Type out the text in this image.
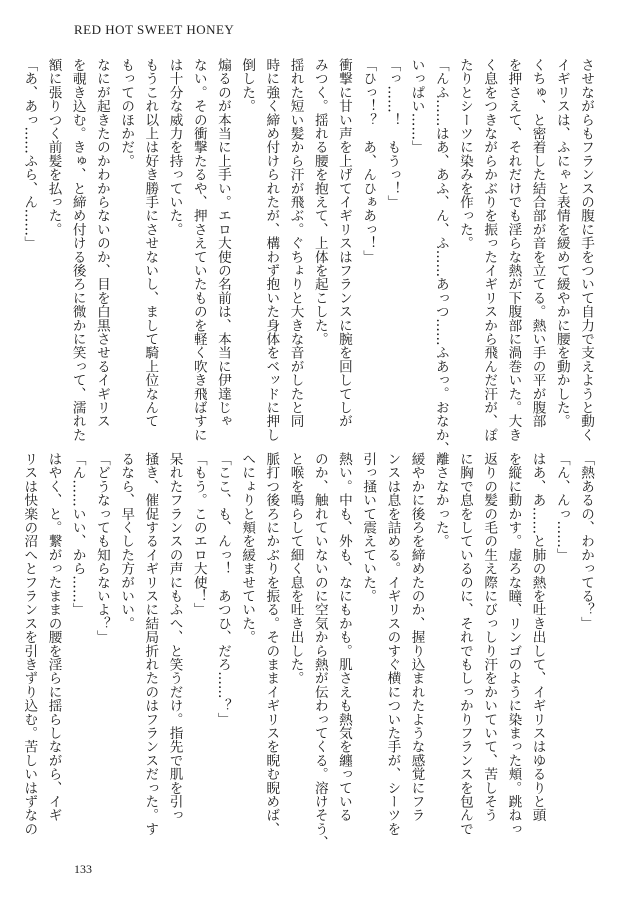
RED HOT SWEET HONEY
させながらもフランスの腹に手をついて自力で支えようと動く
イギリスは、ふにゃと表情を緩めて緩やかに腰を動かした。
くちゅ、と密着した結合部が音を立てる。熱い手の平が腹部
を押さえて、それだけでも淫らな熱が下腹部に渦巻いた。大き
く息をつきながらかぶりを振ったイギリスから飛んだ汗が、ぽ
たりとシーツに染みを作った。
「んふ……はあ、あふ、ん、ふ……あっつ……ふあっ。おなか、
いっぱい……」
「っ……！　もうっ！」
「ひっ！？　あ、んひぁあっ！」
衝撃に甘い声を上げてイギリスはフランスに腕を回してしが
みつく。揺れる腰を抱えて、上体を起こした。
揺れた短い髪から汗が飛ぶ。ぐちょりと大きな音がしたと同
時に強く締め付けられたが、構わず抱いた身体をベッドに押し
倒した。
煽るのが本当に上手い。エロ大使の名前は、本当に伊達じゃ
ない。その衝撃たるや、押さえていたものを軽く吹き飛ばすに
は十分な威力を持っていた。
もうこれ以上は好き勝手にさせないし、まして騎上位なんて
もってのほかだ。
なにが起きたのかわからないのか、目を白黒させるイギリス
を覗き込む。きゅ、と締め付ける後ろに微かに笑って、濡れた
額に張りつく前髪を払った。
「あ、あっ……ふら、ん……」
「熱あるの、わかってる？」
「ん、んっ……」
はあ、あ……と肺の熱を吐き出して、イギリスはゆるりと頭
を縦に動かす。虚ろな瞳、リンゴのように染まった頬。跳ねっ
返りの髪の毛の生え際にびっしり汗をかいていて、苦しそう
に胸で息をしているのに、それでもしっかりフランスを包んで
離さなかった。
緩やかに後ろを締めたのか、握り込まれたような感覚にフラ
ンスは息を詰める。イギリスのすぐ横についた手が、シーツを
引っ掻いて震えていた。
熱い。中も、外も、なにもかも。肌さえも熱気を纏っている
のか、触れていないのに空気から熱が伝わってくる。溶けそう、
と喉を鳴らして細く息を吐き出した。
脈打つ後ろにかぶりを振る。そのままイギリスを睨む睨めば、
へにょりと頬を緩ませていた。
「ここ、も、んっ！　あつひ、だろ……？」
「もう。このエロ大使！」
呆れたフランスの声にもふへ、と笑うだけ。指先で肌を引っ
掻き、催促するイギリスに結局折れたのはフランスだった。す
るなら、早くした方がいい。
「どうなっても知らないよ？」
「ん……いい、から……」
はやく、と。繋がったままの腰を淫らに揺らしながら、イギ
リスは快楽の沼へとフランスを引きずり込む。苦しいはずなの
133
